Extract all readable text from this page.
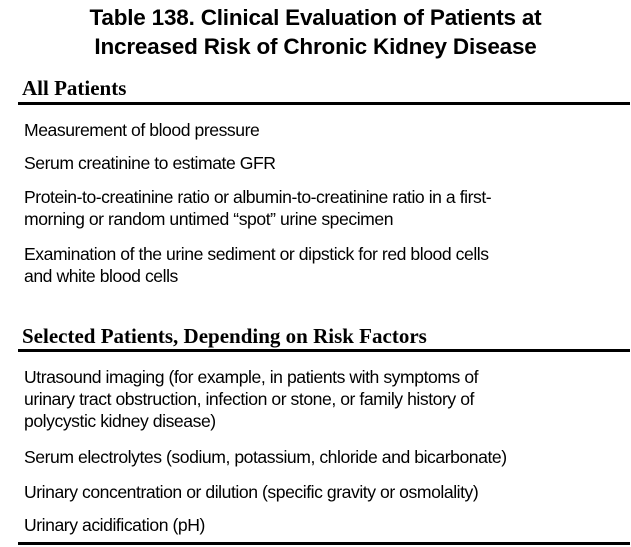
Table 138. Clinical Evaluation of Patients at
Increased Risk of Chronic Kidney Disease
All Patients
Measurement of blood pressure
Serum creatinine to estimate GFR
Protein-to-creatinine ratio or albumin-to-creatinine ratio in a first-
morning or random untimed “spot” urine specimen
Examination of the urine sediment or dipstick for red blood cells
and white blood cells
Selected Patients, Depending on Risk Factors
Utrasound imaging (for example, in patients with symptoms of
urinary tract obstruction, infection or stone, or family history of
polycystic kidney disease)
Serum electrolytes (sodium, potassium, chloride and bicarbonate)
Urinary concentration or dilution (specific gravity or osmolality)
Urinary acidification (pH)
